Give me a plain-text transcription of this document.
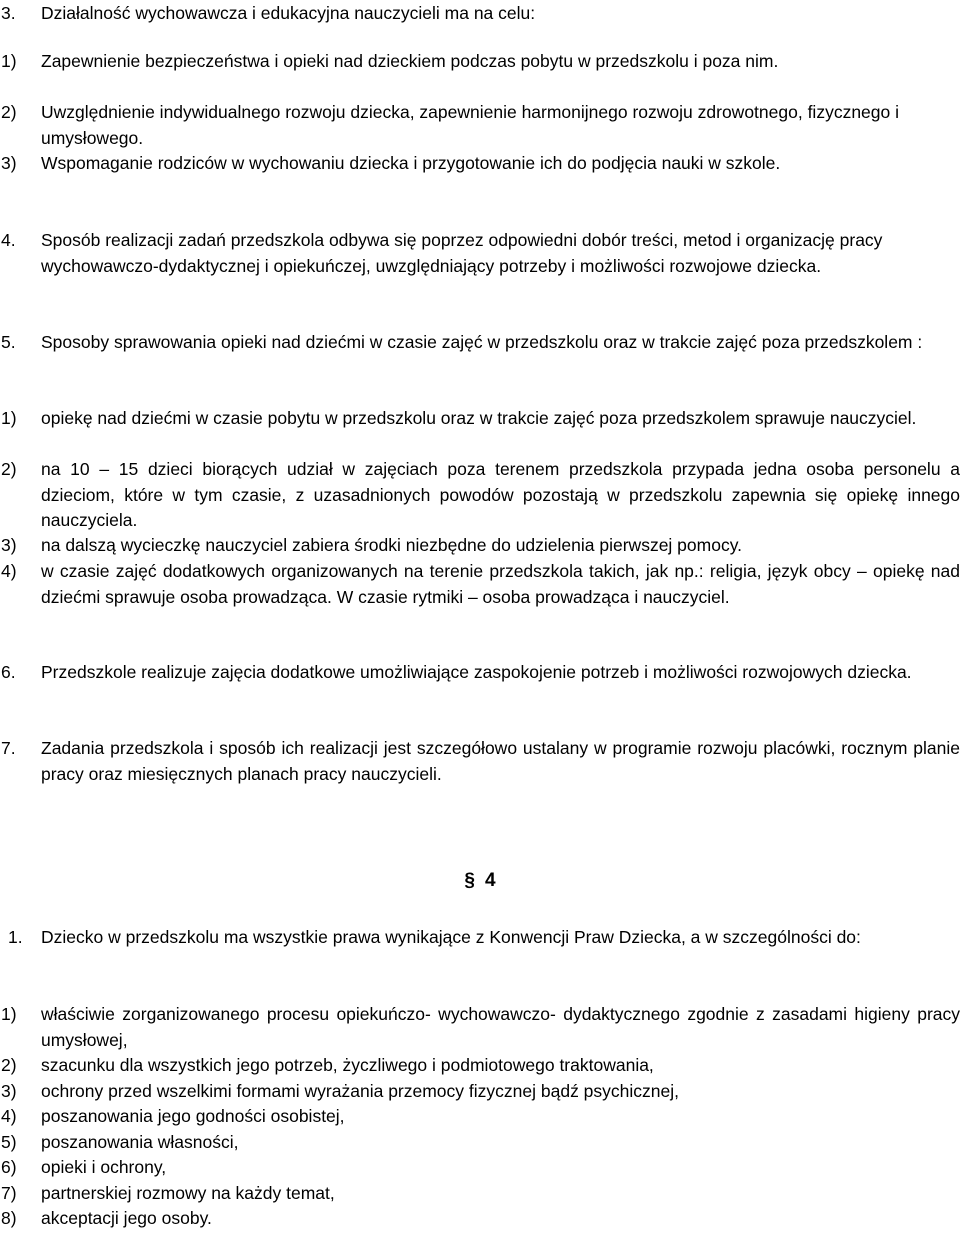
3.	Działalność wychowawcza i edukacyjna nauczycieli ma na celu:
1)	Zapewnienie bezpieczeństwa i opieki nad dzieckiem podczas pobytu w przedszkolu i poza nim.
2)	Uwzględnienie indywidualnego rozwoju dziecka, zapewnienie harmonijnego rozwoju zdrowotnego, fizycznego i umysłowego.
3)	Wspomaganie rodziców w wychowaniu dziecka i przygotowanie ich do podjęcia nauki w szkole.
4.	Sposób realizacji zadań przedszkola odbywa się poprzez odpowiedni dobór treści, metod i organizację pracy wychowawczo-dydaktycznej i opiekuńczej, uwzględniający potrzeby i możliwości rozwojowe dziecka.
5.	Sposoby sprawowania opieki nad dziećmi w czasie zajęć w przedszkolu oraz w trakcie zajęć poza przedszkolem :
1)	opiekę nad dziećmi w czasie pobytu w przedszkolu oraz w trakcie zajęć poza przedszkolem sprawuje nauczyciel.
2)	na 10 – 15 dzieci biorących udział w zajęciach poza terenem przedszkola przypada jedna osoba personelu a dzieciom, które w tym czasie, z uzasadnionych powodów pozostają w przedszkolu zapewnia się opiekę innego nauczyciela.
3)	na dalszą wycieczkę nauczyciel zabiera środki niezbędne do udzielenia pierwszej pomocy.
4)	w czasie zajęć dodatkowych organizowanych na terenie przedszkola takich, jak np.: religia, język obcy – opiekę nad dziećmi sprawuje osoba prowadząca. W czasie rytmiki – osoba prowadząca i nauczyciel.
6.	Przedszkole realizuje zajęcia dodatkowe umożliwiające zaspokojenie potrzeb i możliwości rozwojowych dziecka.
7.	Zadania przedszkola i sposób ich realizacji jest szczegółowo ustalany w programie rozwoju placówki, rocznym planie pracy oraz miesięcznych planach pracy nauczycieli.
§ 4
1.	Dziecko w przedszkolu ma wszystkie prawa wynikające z Konwencji Praw Dziecka, a w szczególności do:
1)	właściwie zorganizowanego procesu opiekuńczo- wychowawczo- dydaktycznego zgodnie z zasadami higieny pracy umysłowej,
2)	szacunku dla wszystkich jego potrzeb, życzliwego i podmiotowego traktowania,
3)	ochrony przed wszelkimi formami wyrażania przemocy fizycznej bądź psychicznej,
4)	poszanowania jego godności osobistej,
5)	poszanowania własności,
6)	opieki i ochrony,
7)	partnerskiej rozmowy na każdy temat,
8)	akceptacji jego osoby.
